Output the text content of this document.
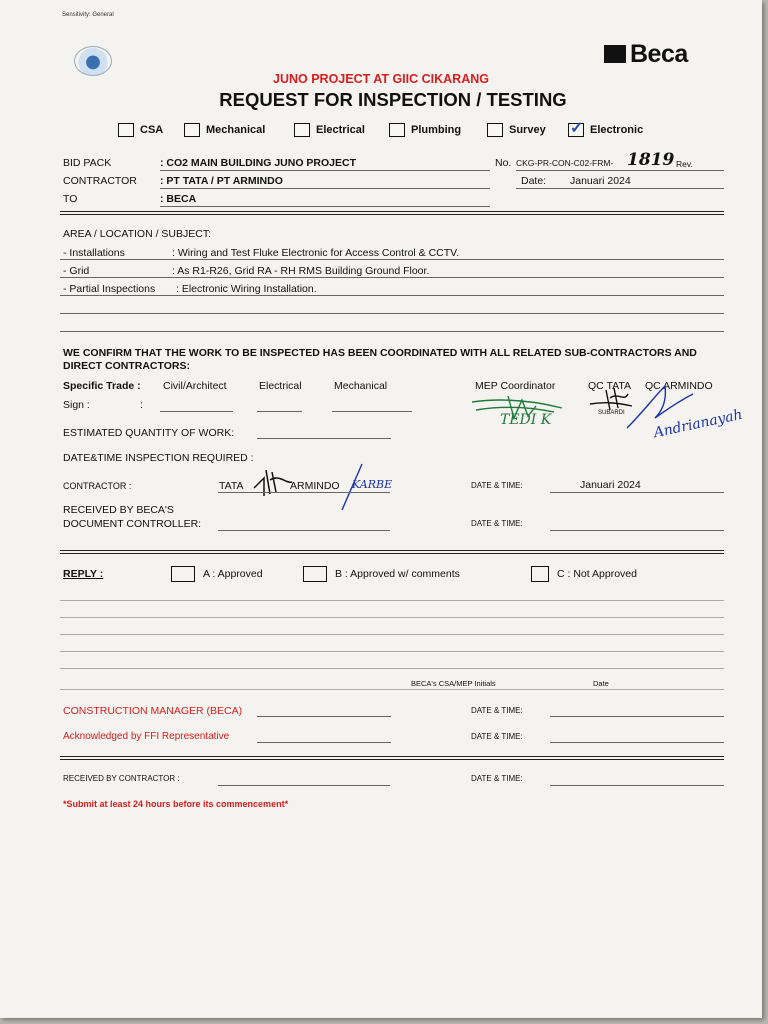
Sensitivity: General
Beca
JUNO PROJECT AT GIIC CIKARANG
REQUEST FOR INSPECTION / TESTING
CSA	Mechanical	Electrical	Plumbing	Survey ✓ Electronic
BID PACK	: CO2 MAIN BUILDING JUNO PROJECT
CONTRACTOR : PT TATA / PT ARMINDO
TO	: BECA
No. CKG-PR-CON-C02-FRM- 1819 Rev.
Date: Januari 2024
AREA / LOCATION / SUBJECT:
- Installations	: Wiring and Test Fluke Electronic for Access Control & CCTV.
- Grid	: As R1-R26, Grid RA - RH RMS Building Ground Floor.
- Partial Inspections : Electronic Wiring Installation.
WE CONFIRM THAT THE WORK TO BE INSPECTED HAS BEEN COORDINATED WITH ALL RELATED SUB-CONTRACTORS AND DIRECT CONTRACTORS:
Specific Trade : Civil/Architect	Electrical	Mechanical	MEP Coordinator	QC TATA QC ARMINDO
Sign :	:
TEDI K	SUBARDI Andrianayah
ESTIMATED QUANTITY OF WORK:
DATE&TIME INSPECTION REQUIRED :
CONTRACTOR :	TATA	ARMINDO KARBE	DATE & TIME:	Januari 2024
RECEIVED BY BECA'S
DOCUMENT CONTROLLER:	DATE & TIME:
REPLY :	A : Approved	B : Approved w/ comments	C : Not Approved
BECA's CSA/MEP Initials	Date
CONSTRUCTION MANAGER (BECA)	DATE & TIME:
Acknowledged by FFI Representative	DATE & TIME:
RECEIVED BY CONTRACTOR :	DATE & TIME:
*Submit at least 24 hours before its commencement*
